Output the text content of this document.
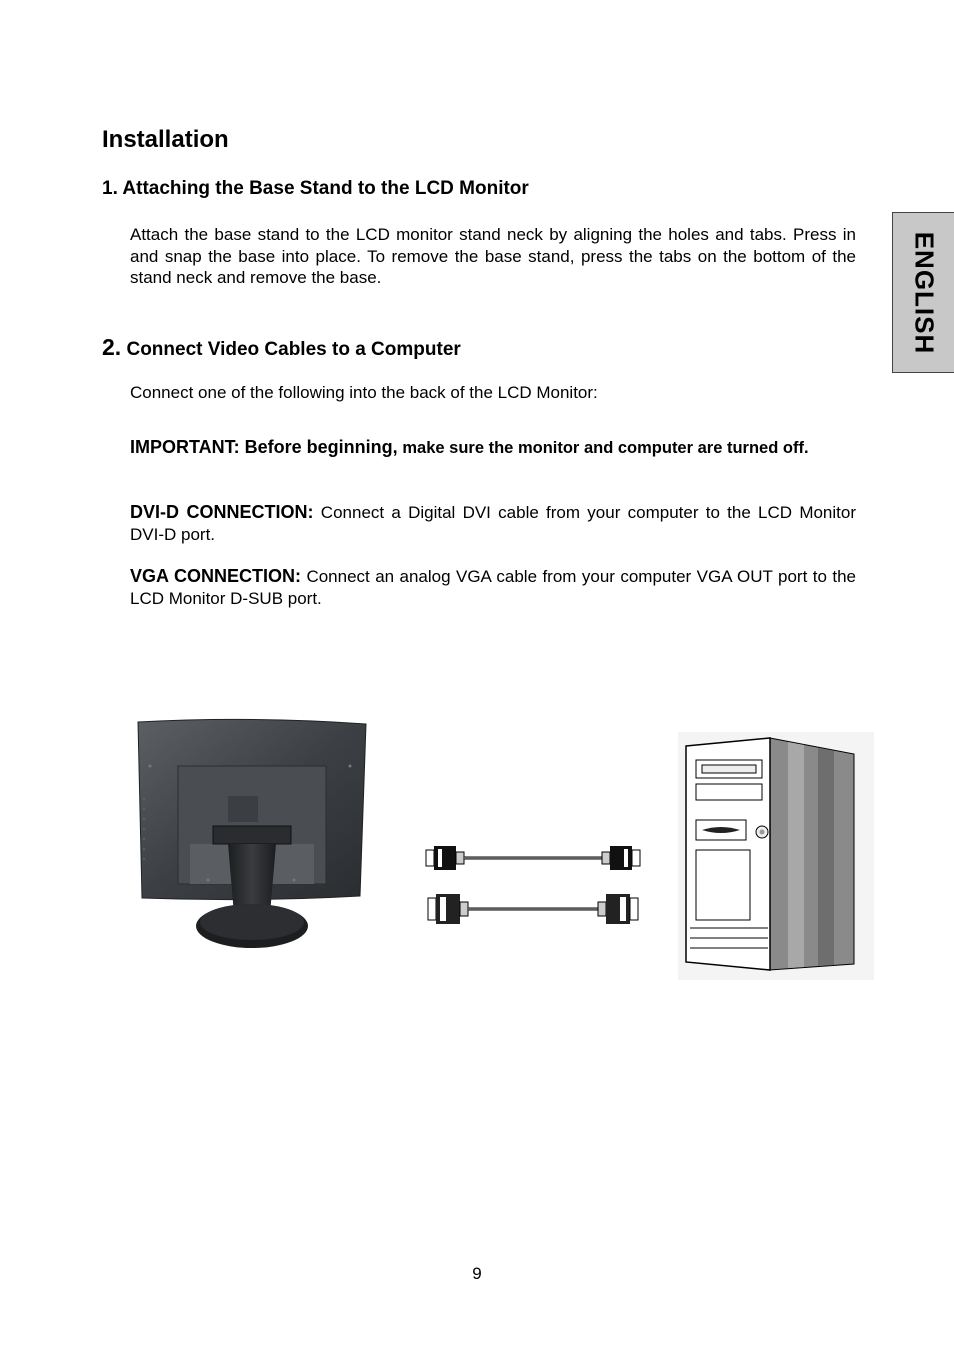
ENGLISH
Installation
1. Attaching the Base Stand to the LCD Monitor

Attach the base stand to the LCD monitor stand neck by aligning the holes and tabs. Press in and snap the base into place. To remove the base stand, press the tabs on the bottom of the stand neck and remove the base.

2. Connect Video Cables to a Computer

Connect one of the following into the back of the LCD Monitor:

IMPORTANT: Before beginning, make sure the monitor and computer are turned off.

DVI-D CONNECTION: Connect a Digital DVI cable from your computer to the LCD Monitor DVI-D port.

VGA CONNECTION: Connect an analog VGA cable from your computer VGA OUT port to the LCD Monitor D-SUB port.

9
